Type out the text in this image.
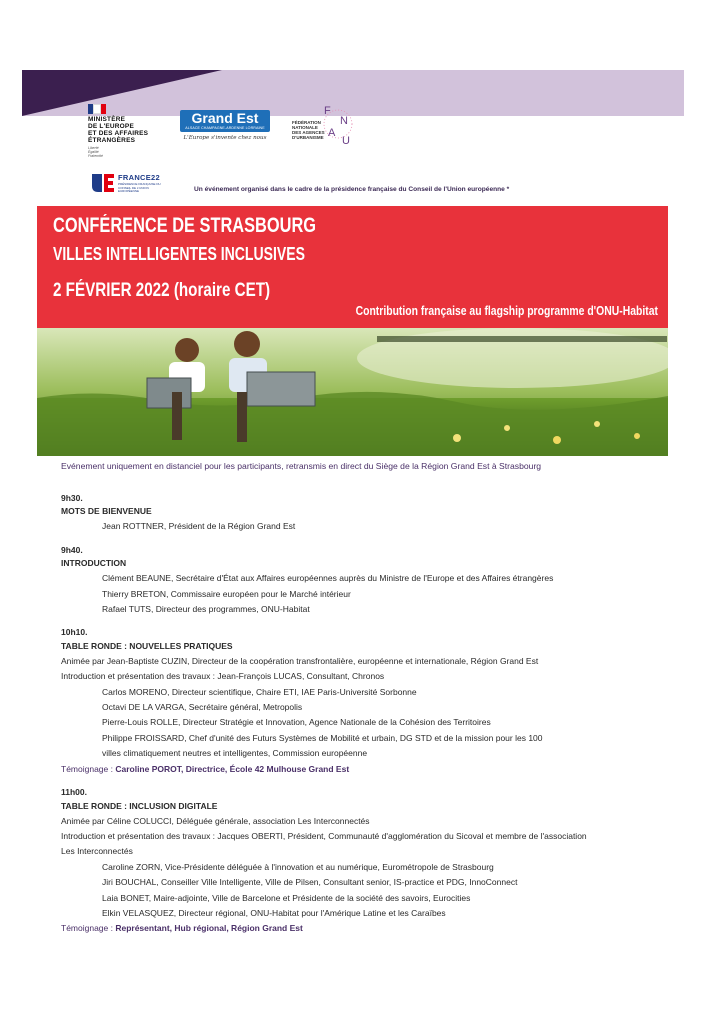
MINISTÈRE
DE L'EUROPE
ET DES AFFAIRES
ÉTRANGÈRES
Liberté
Égalité
Fraternité
Grand Est
ALSACE CHAMPAGNE-ARDENNE LORRAINE
L'Europe s'invente chez nous
F
N
A
U
FÉDÉRATION
NATIONALE
DES AGENCES
D'URBANISME
FRANCE22
PRÉSIDENCE FRANÇAISE DU CONSEIL DE L'UNION EUROPÉENNE	Un événement organisé dans le cadre de la présidence française du Conseil de l'Union européenne *
CONFÉRENCE DE STRASBOURG
VILLES INTELLIGENTES INCLUSIVES
2 FÉVRIER 2022 (horaire CET)
Contribution française au flagship programme d'ONU-Habitat
Evénement uniquement en distanciel pour les participants, retransmis en direct du Siège de la Région Grand Est à Strasbourg
9h30.
MOTS DE BIENVENUE
Jean ROTTNER, Président de la Région Grand Est
9h40.
INTRODUCTION
Clément BEAUNE, Secrétaire d'État aux Affaires européennes auprès du Ministre de l'Europe et des Affaires étrangères
Thierry BRETON, Commissaire européen pour le Marché intérieur
Rafael TUTS, Directeur des programmes, ONU-Habitat
10h10.
TABLE RONDE : NOUVELLES PRATIQUES
Animée par Jean-Baptiste CUZIN, Directeur de la coopération transfrontalière, européenne et internationale, Région Grand Est
Introduction et présentation des travaux : Jean-François LUCAS, Consultant, Chronos
Carlos MORENO, Directeur scientifique, Chaire ETI, IAE Paris-Université Sorbonne
Octavi DE LA VARGA, Secrétaire général, Metropolis
Pierre-Louis ROLLE, Directeur Stratégie et Innovation, Agence Nationale de la Cohésion des Territoires
Philippe FROISSARD, Chef d'unité des Futurs Systèmes de Mobilité et urbain, DG STD et de la mission pour les 100
villes climatiquement neutres et intelligentes, Commission européenne
Témoignage : Caroline POROT, Directrice, École 42 Mulhouse Grand Est
11h00.
TABLE RONDE : INCLUSION DIGITALE
Animée par Céline COLUCCI, Déléguée générale, association Les Interconnectés
Introduction et présentation des travaux : Jacques OBERTI, Président, Communauté d'agglomération du Sicoval et membre de l'association
Les Interconnectés
Caroline ZORN, Vice-Présidente déléguée à l'innovation et au numérique, Eurométropole de Strasbourg
Jiri BOUCHAL, Conseiller Ville Intelligente, Ville de Pilsen, Consultant senior, IS-practice et PDG, InnoConnect
Laia BONET, Maire-adjointe, Ville de Barcelone et Présidente de la société des savoirs, Eurocities
Elkin VELASQUEZ, Directeur régional, ONU-Habitat pour l'Amérique Latine et les Caraïbes
Témoignage : Représentant, Hub régional, Région Grand Est
